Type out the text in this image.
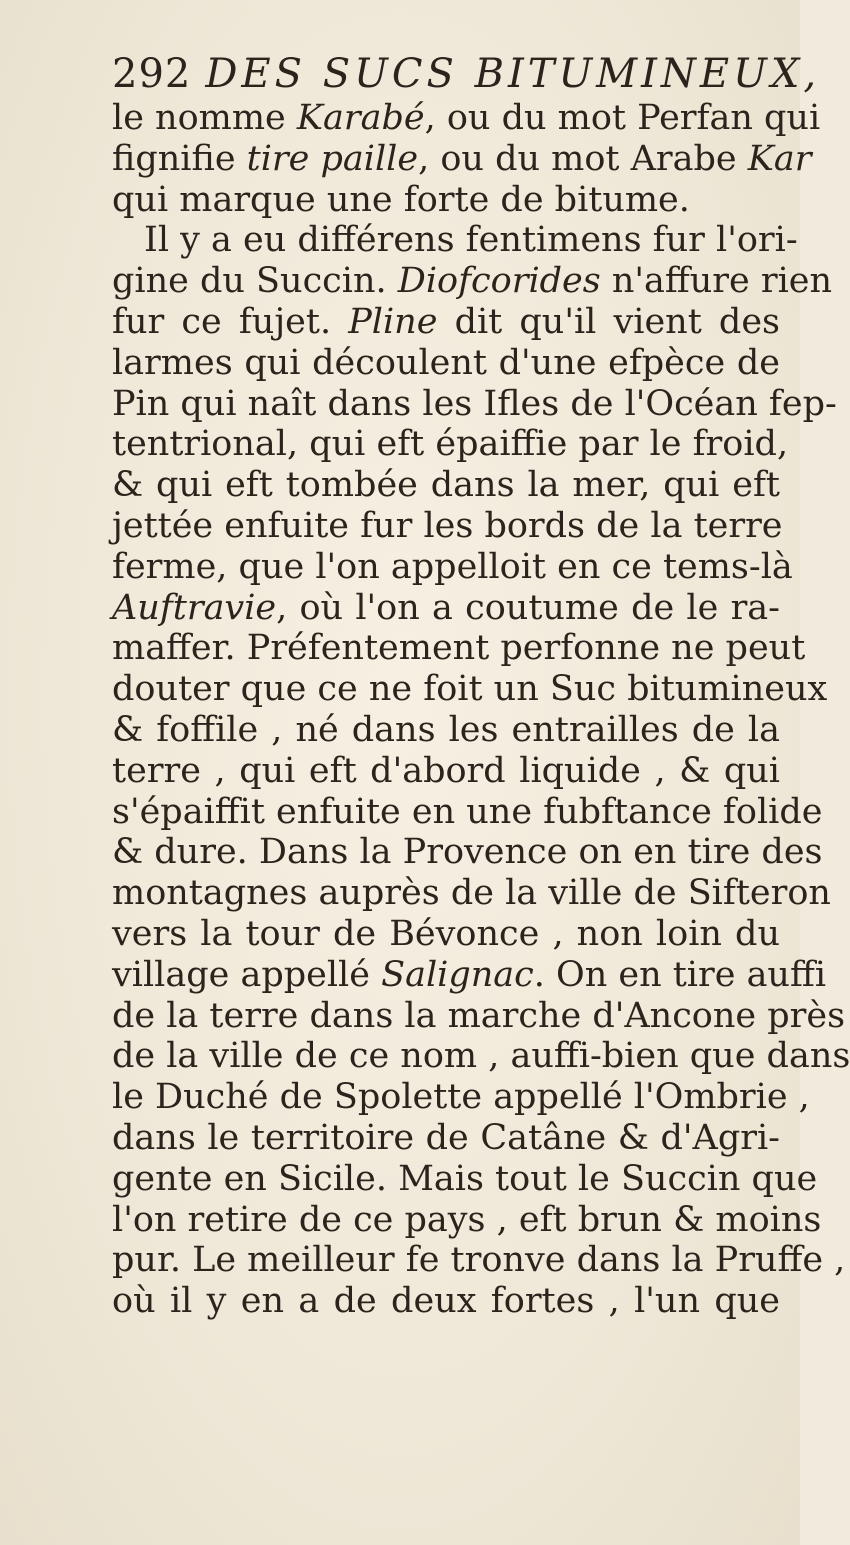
292 DES SUCS BITUMINEUX,
le nomme Karabé, ou du mot Perfan qui
fignifie tire paille, ou du mot Arabe Kar
qui marque une forte de bitume.
Il y a eu différens fentimens fur l'ori-
gine du Succin. Diofcorides n'affure rien
fur ce fujet. Pline dit qu'il vient des
larmes qui découlent d'une efpèce de
Pin qui naît dans les Ifles de l'Océan fep-
tentrional, qui eft épaiffie par le froid,
& qui eft tombée dans la mer, qui eft
jettée enfuite fur les bords de la terre
ferme, que l'on appelloit en ce tems-là
Auftravie, où l'on a coutume de le ra-
maffer. Préfentement perfonne ne peut
douter que ce ne foit un Suc bitumineux
& foffile , né dans les entrailles de la
terre , qui eft d'abord liquide , & qui
s'épaiffit enfuite en une fubftance folide
& dure. Dans la Provence on en tire des
montagnes auprès de la ville de Sifteron
vers la tour de Bévonce , non loin du
village appellé Salignac. On en tire auffi
de la terre dans la marche d'Ancone près
de la ville de ce nom , auffi-bien que dans
le Duché de Spolette appellé l'Ombrie ,
dans le territoire de Catâne & d'Agri-
gente en Sicile. Mais tout le Succin que
l'on retire de ce pays , eft brun & moins
pur. Le meilleur fe tronve dans la Pruffe ,
où il y en a de deux fortes , l'un que
